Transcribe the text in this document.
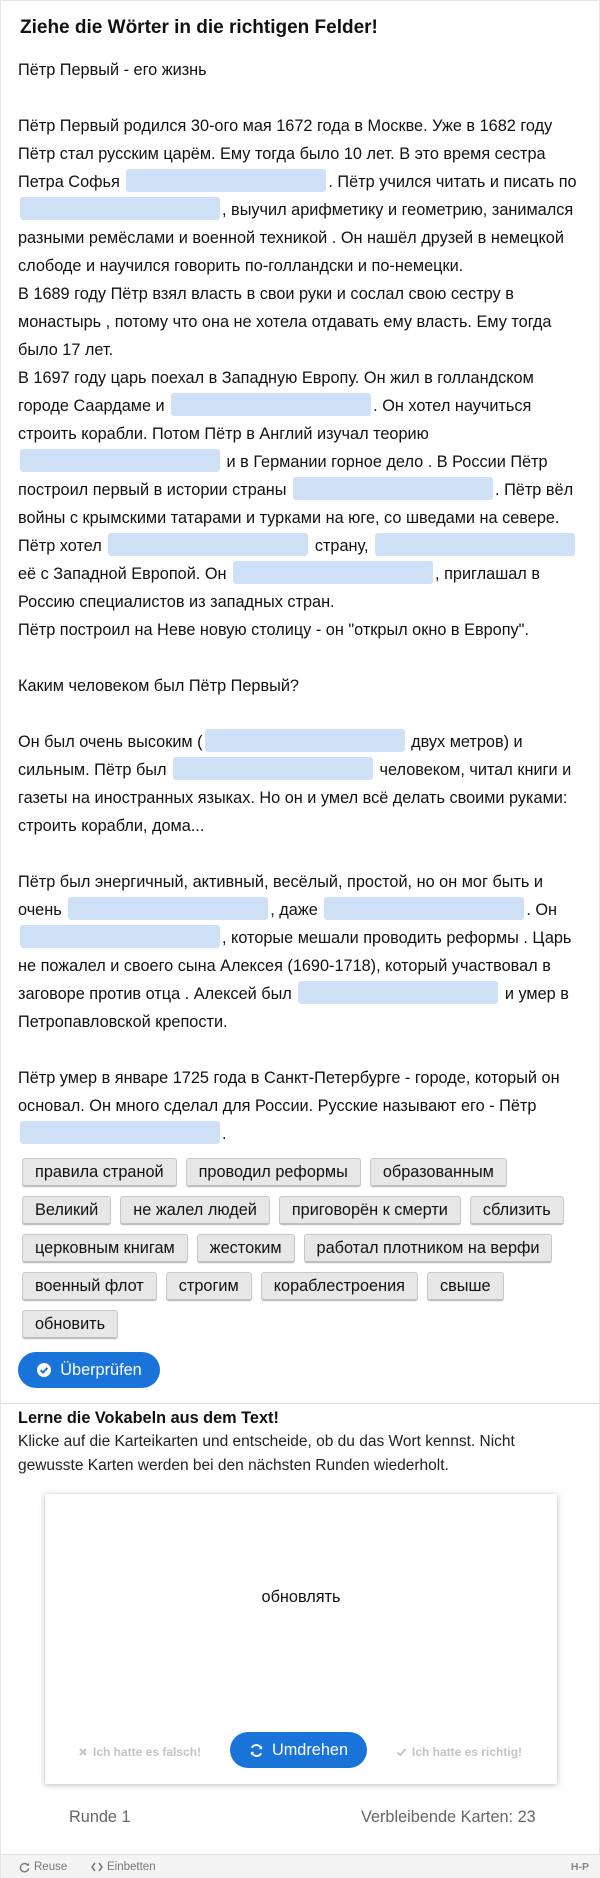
Ziehe die Wörter in die richtigen Felder!

Пётр Первый - его жизнь

Пётр Первый родился 30-ого мая 1672 года в Москве. Уже в 1682 году Пётр стал русским царём. Ему тогда было 10 лет. В это время сестра Петра Софья	. Пётр учился читать и писать по , выучил арифметику и геометрию, занимался разными ремёслами и военной техникой . Он нашёл друзей в немецкой слободе и научился говорить по-голландски и по-немецки.

В 1689 году Пётр взял власть в свои руки и сослал свою сестру в монастырь , потому что она не хотела отдавать ему власть. Ему тогда было 17 лет.

В 1697 году царь поехал в Западную Европу. Он жил в голландском городе Саардаме и	. Он хотел научиться строить корабли. Потом Пётр в Англий изучал теорию  и в Германии горное дело . В России Пётр построил первый в истории страны	. Пётр вёл войны с крымскими татарами и турками на юге, со шведами на севере.

Пётр хотел	страну,  её с Западной Европой. Он	, приглашал в Россию специалистов из западных стран.

Пётр построил на Неве новую столицу - он "открыл окно в Европу".

Каким человеком был Пётр Первый?

Он был очень высоким (	двух метров) и сильным. Пётр был	человеком, читал книги и газеты на иностранных языках. Но он и умел всё делать своими руками: строить корабли, дома...

Пётр был энергичный, активный, весёлый, простой, но он мог быть и очень	, даже	. Он , которые мешали проводить реформы . Царь не пожалел и своего сына Алексея (1690-1718), который участвовал в заговоре против отца . Алексей был	и умер в Петропавловской крепости.

Пётр умер в январе 1725 года в Санкт-Петербурге - городе, который он основал. Он много сделал для России. Русские называют его - Пётр .

правила страной	проводил реформы	образованным
Великий	не жалел людей	приговорён к смерти	сблизить
церковным книгам	жестоким	работал плотником на верфи
военный флот	строгим	кораблестроения	свыше
обновить
Überprüfen
Lerne die Vokabeln aus dem Text!
Klicke auf die Karteikarten und entscheide, ob du das Wort kennst. Nicht gewusste Karten werden bei den nächsten Runden wiederholt.
обновлять
Ich hatte es falsch!	Umdrehen	Ich hatte es richtig!
Runde 1	Verbleibende Karten: 23
Reuse	Einbetten	H-P
